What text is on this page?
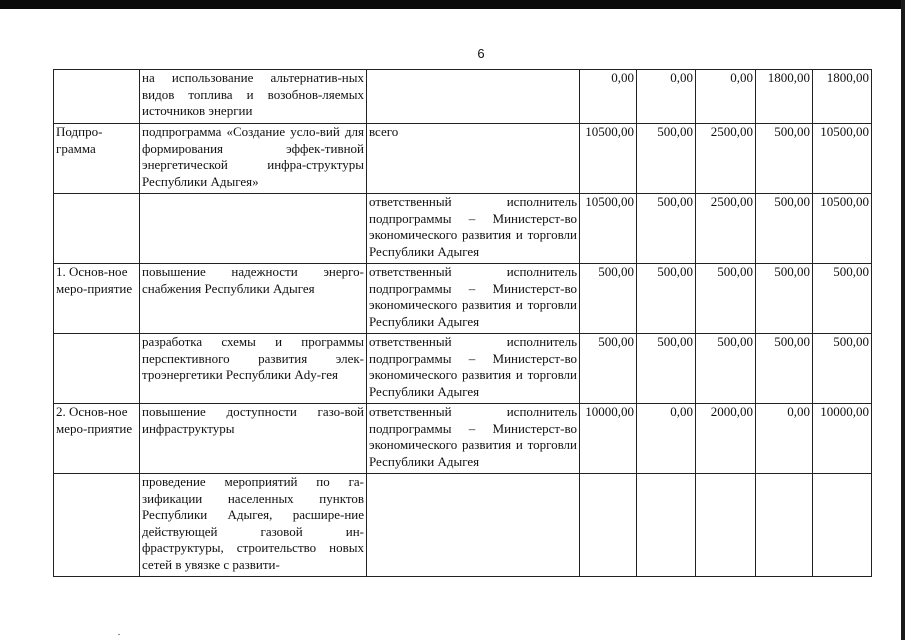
6
	на использование альтернатив-ных видов топлива и возобнов-ляемых источников энергии		0,00	0,00	0,00	1800,00	1800,00
Подпро-грамма	подпрограмма «Создание усло-вий для формирования эффек-тивной энергетической инфра-структуры Республики Адыгея»	всего	10500,00	500,00	2500,00	500,00	10500,00
		ответственный исполнитель подпрограммы – Министерст-во экономического развития и торговли Республики Адыгея	10500,00	500,00	2500,00	500,00	10500,00
1. Основ-ное меро-приятие	повышение надежности энерго-снабжения Республики Адыгея	ответственный исполнитель подпрограммы – Министерст-во экономического развития и торговли Республики Адыгея	500,00	500,00	500,00	500,00	500,00
	разработка схемы и программы перспективного развития элек-троэнергетики Республики Ady-гея	ответственный исполнитель подпрограммы – Министерст-во экономического развития и торговли Республики Адыгея	500,00	500,00	500,00	500,00	500,00
2. Основ-ное меро-приятие	повышение доступности газо-вой инфраструктуры	ответственный исполнитель подпрограммы – Министерст-во экономического развития и торговли Республики Адыгея	10000,00	0,00	2000,00	0,00	10000,00
	проведение мероприятий по га-зификации населенных пунктов Республики Адыгея, расшире-ние действующей газовой ин-фраструктуры, строительство новых сетей в увязке с развити-						
